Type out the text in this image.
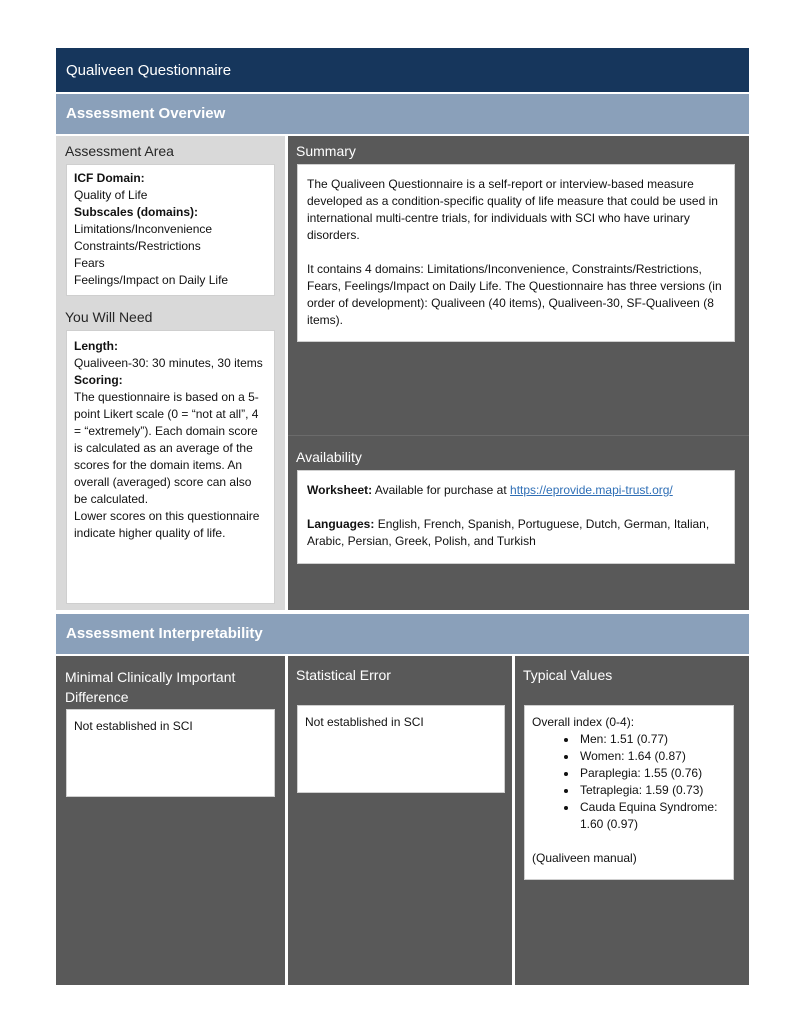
Qualiveen Questionnaire
Assessment Overview
Assessment Area

ICF Domain:

Quality of Life

Subscales (domains):

Limitations/Inconvenience

Constraints/Restrictions

Fears

Feelings/Impact on Daily Life

You Will Need

Length:

Qualiveen-30: 30 minutes, 30 items

Scoring:

The questionnaire is based on a 5-point Likert scale (0 = “not at all”, 4 = “extremely”). Each domain score is calculated as an average of the scores for the domain items. An overall (averaged) score can also be calculated.

Lower scores on this questionnaire indicate higher quality of life.

Summary

The Qualiveen Questionnaire is a self-report or interview-based measure developed as a condition-specific quality of life measure that could be used in international multi-centre trials, for individuals with SCI who have urinary disorders.

It contains 4 domains: Limitations/Inconvenience, Constraints/Restrictions, Fears, Feelings/Impact on Daily Life. The Questionnaire has three versions (in order of development): Qualiveen (40 items), Qualiveen-30, SF-Qualiveen (8 items).

Availability

Worksheet: Available for purchase at https://eprovide.mapi-trust.org/

Languages: English, French, Spanish, Portuguese, Dutch, German, Italian, Arabic, Persian, Greek, Polish, and Turkish

Assessment Interpretability
Minimal Clinically Important Difference

Not established in SCI

Statistical Error

Not established in SCI

Typical Values

Overall index (0-4):

• Men: 1.51 (0.77)
• Women: 1.64 (0.87)
• Paraplegia: 1.55 (0.76)
• Tetraplegia: 1.59 (0.73)
• Cauda Equina Syndrome: 1.60 (0.97)

(Qualiveen manual)
